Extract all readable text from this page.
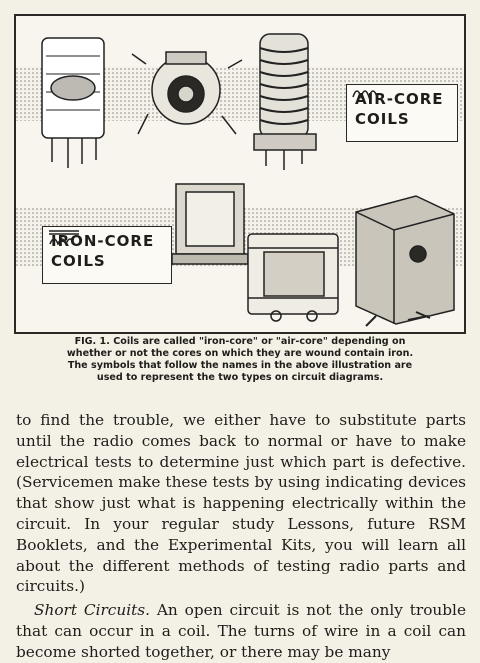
AIR-CORE
COILS
IRON-CORE
COILS

FIG. 1. Coils are called "iron-core" or "air-core" depending on

whether or not the cores on which they are wound contain iron.

The symbols that follow the names in the above illustration are

used to represent the two types on circuit diagrams.

to find the trouble, we either have to substitute parts until the radio comes back to normal or have to make electrical tests to determine just which part is defective. (Servicemen make these tests by using indicating devices that show just what is happening electrically within the circuit. In your regular study Lessons, future RSM Booklets, and the Experimental Kits, you will learn all about the different methods of testing radio parts and circuits.)

Short Circuits. An open circuit is not the only trouble that can occur in a coil. The turns of wire in a coil can become shorted together, or there may be many
